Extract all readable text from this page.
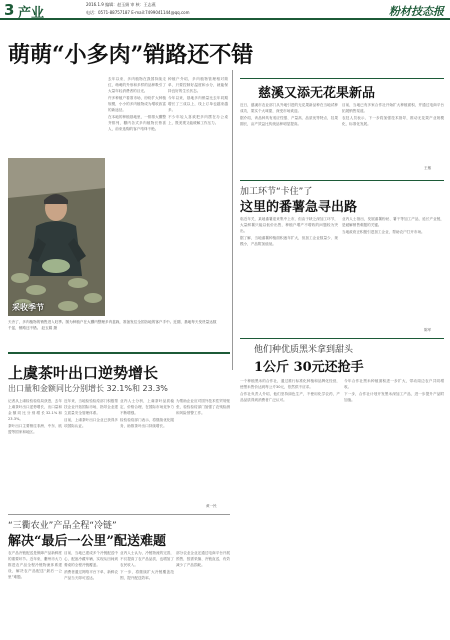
3 产业
2016.1.9 编辑：赵玉娟 审 核：王志燕
电话：0571-88757187 E-mail:7499041144@qq.com	粉材技态报
萌萌“小多肉”销路还不错

去年以来，多肉植物在我国持续走红，萌萌的外形和多样的品种吸引了大量年轻消费者的目光。

许多种植户看准市场，纷纷扩大种植规模，小小的多肉植物成为增收致富的新途径。

在本地的种植基地里，一排排大棚整齐排列，棚内各式多肉植物长势喜人，前来选购的客户络绎不绝。

种植户介绍，多肉植物管理相对简单，只要控制好温度和水分，就能保持良好的生长状态。

今年以来，基地多肉销量比去年同期增长了三成以上，线上订单也越来越多。

不少年轻人喜欢把多肉摆在办公桌上，既美观又能缓解工作压力。

采收季节
天冷了，多肉植物的销售进入旺季。图为种植户在大棚内整理多肉盆栽，准备发往全国各地的客户手中。近期，基地每天发货量达数千盆，销路还不错。 赵玉娟 摄
慈溪又添无花果新品

近日，慈溪市农业部门从外地引进的无花果新品种在当地试种成功，果实个大味甜，深受市场欢迎。

据介绍，该品种具有适应性强、产量高、品质优等特点，挂果期长，亩产效益比传统品种明显提高。

目前，当地已有多家合作社开始扩大种植面积，并通过电商平台拓展销售渠道。

农技人员表示，下一步将加强技术指导，推动无花果产业规模化、标准化发展。

王敏
加工环节“卡住”了
这里的番薯急寻出路

临近年关，某地番薯迎来集中上市，但由于缺乏深加工环节，大量鲜薯只能以低价出售，种植户增产不增收的问题较为突出。

据了解，当地番薯种植面积逐年扩大，但加工企业数量少、规模小，产品附加值低。

业内人士指出，发展番薯粉丝、薯干等加工产品，延长产业链，是破解销售难题的关键。

当地政府正积极引进加工企业，帮助农户打开市场。

陈军
他们种优质黑米拿到甜头
1公斤 30元还抢手

一个种植黑米的合作社，通过推行标准化种植和品牌化经营，使黑米售价达到每公斤30元，依然供不应求。

合作社负责人介绍，他们坚持绿色生产，不使用化学农药，产品品质得到消费者广泛认可。

今年合作社黑米种植面积进一步扩大，带动周边农户共同增收。

下一步，合作社计划开发黑米深加工产品，进一步提升产品附加值。

上虞茶叶出口逆势增长
出口量和金额同比分别增长 32.1%和 23.3%

记者从上虞检验检疫局获悉，去年上虞茶叶出口逆势增长，出口量和金额同比分别增长32.1%和23.3%。

茶叶出口主要销往非洲、中东、欧盟等国家和地区。

近年来，当地检验检疫部门积极帮扶企业开拓国际市场，指导企业建立质量安全管理体系。

目前，上虞茶叶出口企业已获得多项国际认证。

业内人士分析，上虞茶叶品质稳定、价格合理，在国际市场竞争力不断增强。

检验检疫部门表示，将继续优化服务，助推茶叶出口持续增长。

为帮助企业应对国外技术性贸易壁垒，检验检疫部门加强了农残检测和风险预警工作。

黄一民
“三衢农业”产品全程“冷链”
解决“最后一公里”配送难题

农产品冷链配送是保障产品新鲜度的重要环节。近年来，衢州市大力推进农产品全程冷链物流体系建设，解决农产品配送“最后一公里”难题。

目前，当地已建成多个冷链配送中心，配备冷藏车辆，实现从田间到餐桌的全程冷链覆盖。

消费者通过网络平台下单，新鲜农产品当天即可送达。

业内人士认为，冷链物流的完善，不仅提高了农产品品质，也增加了农民收入。

下一步，将继续扩大冷链覆盖范围，提升配送效率。

部分农业企业还通过电商平台开展预售，按需采摘、冷链直送，有效减少了产品损耗。
